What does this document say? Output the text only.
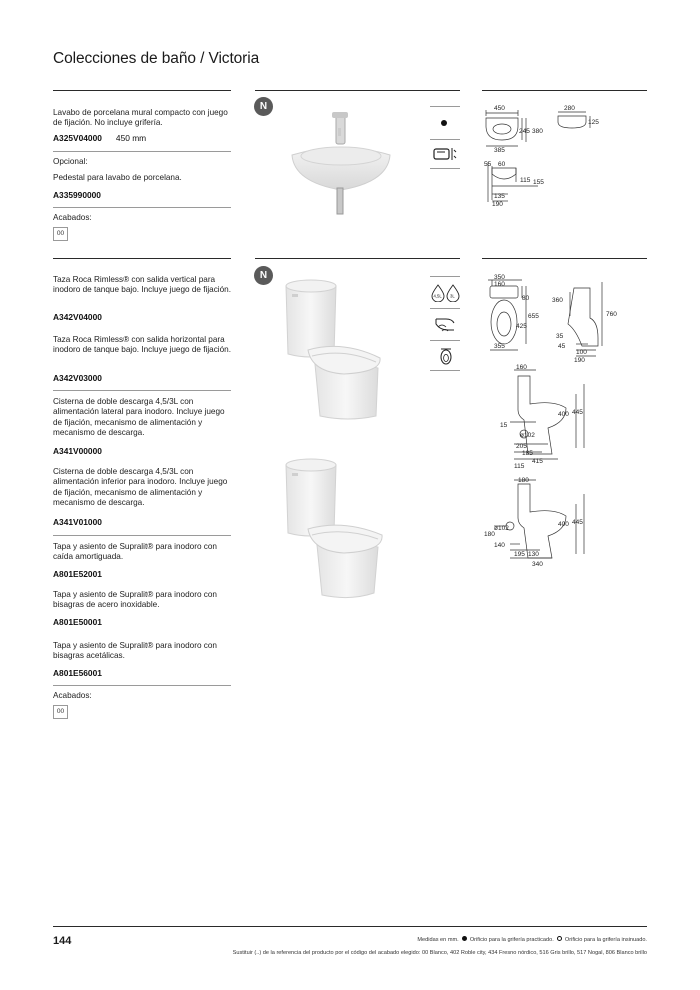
Colecciones de baño / Victoria
Lavabo de porcelana mural compacto con juego de fijación. No incluye grifería.
A325V04000 450 mm
Opcional:
Pedestal para lavabo de porcelana.
A335990000
Acabados:
00
N	450
245 380
280
125
55 60
385
115 155
135
190
Taza Roca Rimless® con salida vertical para inodoro de tanque bajo. Incluye juego de fijación.
A342V04000
Taza Roca Rimless® con salida horizontal para inodoro de tanque bajo. Incluye juego de fijación.
A342V03000
Cisterna de doble descarga 4,5/3L con alimentación lateral para inodoro. Incluye juego de fijación, mecanismo de alimentación y mecanismo de descarga.
A341V00000
Cisterna de doble descarga 4,5/3L con alimentación inferior para inodoro. Incluye juego de fijación, mecanismo de alimentación y mecanismo de descarga.
A341V01000
Tapa y asiento de Supralit® para inodoro con caída amortiguada.
A801E52001
Tapa y asiento de Supralit® para inodoro con bisagras de acero inoxidable.
A801E50001
Tapa y asiento de Supralit® para inodoro con bisagras acetálicas.
A801E56001
Acabados:
00
N
4,5L 3L
350
160
80
655
425
355
360
760
35
45
100
190
160
400 445
15
ø102
205
185
415
115
180
400 445
ø102
180
140
195 130
340
144	Medidas en mm. Orificio para la grifería practicado. Orificio para la grifería insinuado.
Sustituir (..) de la referencia del producto por el código del acabado elegido: 00 Blanco, 402 Roble city, 434 Fresno nórdico, 516 Gris brillo, 517 Nogal, 806 Blanco brillo
